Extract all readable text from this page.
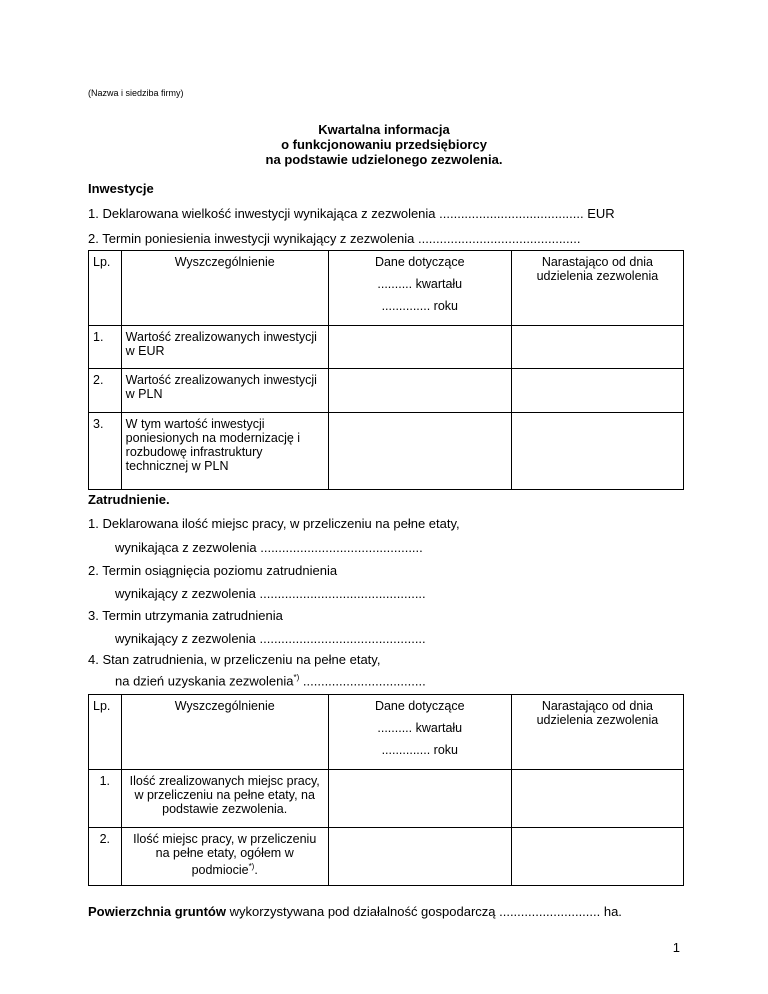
(Nazwa i siedziba firmy)
Kwartalna informacja
o funkcjonowaniu przedsiębiorcy
na podstawie udzielonego zezwolenia.
Inwestycje
1. Deklarowana wielkość inwestycji wynikająca z zezwolenia ........................................ EUR
2. Termin poniesienia inwestycji wynikający z zezwolenia .............................................
Lp.	Wyszczególnienie	Dane dotyczące
.......... kwartału
.............. roku	Narastająco od dnia udzielenia zezwolenia
1.	Wartość zrealizowanych inwestycji w EUR		
2.	Wartość zrealizowanych inwestycji w PLN		
3.	W tym wartość inwestycji poniesionych na modernizację i rozbudowę infrastruktury technicznej w PLN		
Zatrudnienie.
1. Deklarowana ilość miejsc pracy, w przeliczeniu na pełne etaty,
wynikająca z zezwolenia .............................................
2. Termin osiągnięcia poziomu zatrudnienia
wynikający z zezwolenia ..............................................
3. Termin utrzymania zatrudnienia
wynikający z zezwolenia ..............................................
4. Stan zatrudnienia, w przeliczeniu na pełne etaty,
na dzień uzyskania zezwolenia*) ..................................
Lp.	Wyszczególnienie	Dane dotyczące
.......... kwartału
.............. roku	Narastająco od dnia udzielenia zezwolenia
1.	Ilość zrealizowanych miejsc pracy, w przeliczeniu na pełne etaty, na podstawie zezwolenia.		
2.	Ilość miejsc pracy, w przeliczeniu na pełne etaty, ogółem w podmiocie*).		
Powierzchnia gruntów wykorzystywana pod działalność gospodarczą ............................ ha.
1
